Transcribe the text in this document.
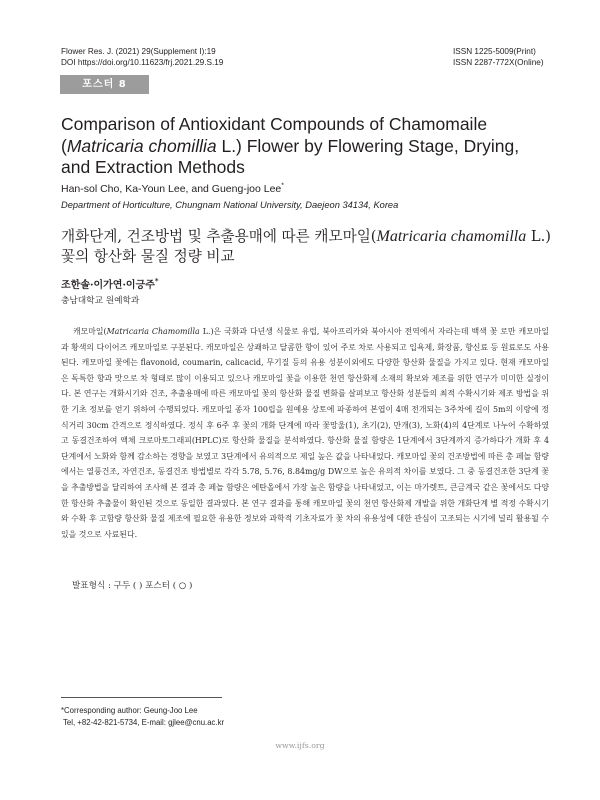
Flower Res. J. (2021) 29(Supplement I):19
DOI https://doi.org/10.11623/frj.2021.29.S.19
ISSN 1225-5009(Print)
ISSN 2287-772X(Online)
포스터 8
Comparison of Antioxidant Compounds of Chamomaile (Matricaria chomillia L.) Flower by Flowering Stage, Drying, and Extraction Methods
Han-sol Cho, Ka-Youn Lee, and Gueng-joo Lee*
Department of Horticulture, Chungnam National University, Daejeon 34134, Korea
개화단계, 건조방법 및 추출용매에 따른 캐모마일(Matricaria chamomilla L.) 꽃의 항산화 물질 정량 비교
조한솔·이가연·이긍주*
충남대학교 원예학과

캐모마일(Matricaria Chamomilla L.)은 국화과 다년생 식물로 유럽, 북아프리카와 북아시아 전역에서 자라는데 백색 꽃 로만 캐모마일과 황색의 다이어즈 캐모마일로 구분된다. 캐모마일은 상쾌하고 달콤한 향이 있어 주로 차로 사용되고 입욕제, 화장품, 향신료 등 원료로도 사용된다. 캐모마일 꽃에는 flavonoid, coumarin, calicacid, 무기질 등의 유용 성분이외에도 다양한 항산화 물질을 가지고 있다. 현재 캐모마일은 독특한 향과 맛으로 차 형태로 많이 이용되고 있으나 캐모마일 꽃을 이용한 천연 항산화제 소재의 확보와 제조를 위한 연구가 미미한 실정이다. 본 연구는 개화시기와 건조, 추출용매에 따른 캐모마일 꽃의 항산화 물질 변화를 살펴보고 항산화 성분들의 최적 수확시기와 제조 방법을 위한 기초 정보를 얻기 위하여 수행되었다. 캐모마일 종자 100립을 원예용 상토에 파종하여 본엽이 4매 전개되는 3주차에 길이 5m의 이랑에 정식거리 30cm 간격으로 정식하였다. 정식 후 6주 후 꽃의 개화 단계에 따라 꽃망울(1), 초기(2), 만개(3), 노화(4)의 4단계로 나누어 수확하였고 동결건조하여 액체 크로마토그래피(HPLC)로 항산화 물질을 분석하였다. 항산화 물질 함량은 1단계에서 3단계까지 증가하다가 개화 후 4단계에서 노화와 함께 감소하는 경향을 보였고 3단계에서 유의적으로 제일 높은 값을 나타내었다. 캐모마일 꽃의 건조방법에 따른 총 페놀 함량에서는 열풍건조, 자연건조, 동결건조 방법별로 각각 5.78, 5.76, 8.84mg/g DW으로 높은 유의적 차이를 보였다. 그 중 동결건조한 3단계 꽃을 추출방법을 달리하여 조사해 본 결과 총 페놀 함량은 에탄올에서 가장 높은 함량을 나타내었고, 이는 마가렛트, 큰금계국 같은 꽃에서도 다양한 항산화 추출물이 확인된 것으로 동일한 결과였다. 본 연구 결과를 통해 캐모마일 꽃의 천연 항산화제 개발을 위한 개화단계 별 적정 수확시기와 수확 후 고함량 항산화 물질 제조에 필요한 유용한 정보와 과학적 기초자료가 꽃 차의 유용성에 대한 관심이 고조되는 시기에 널리 활용될 수 있을 것으로 사료된다.

발표형식 : 구두 ( ) 포스터 ( ○ )
*Corresponding author: Geung-Joo Lee
Tel, +82-42-821-5734, E-mail: gjlee@cnu.ac.kr
www.ijfs.org
